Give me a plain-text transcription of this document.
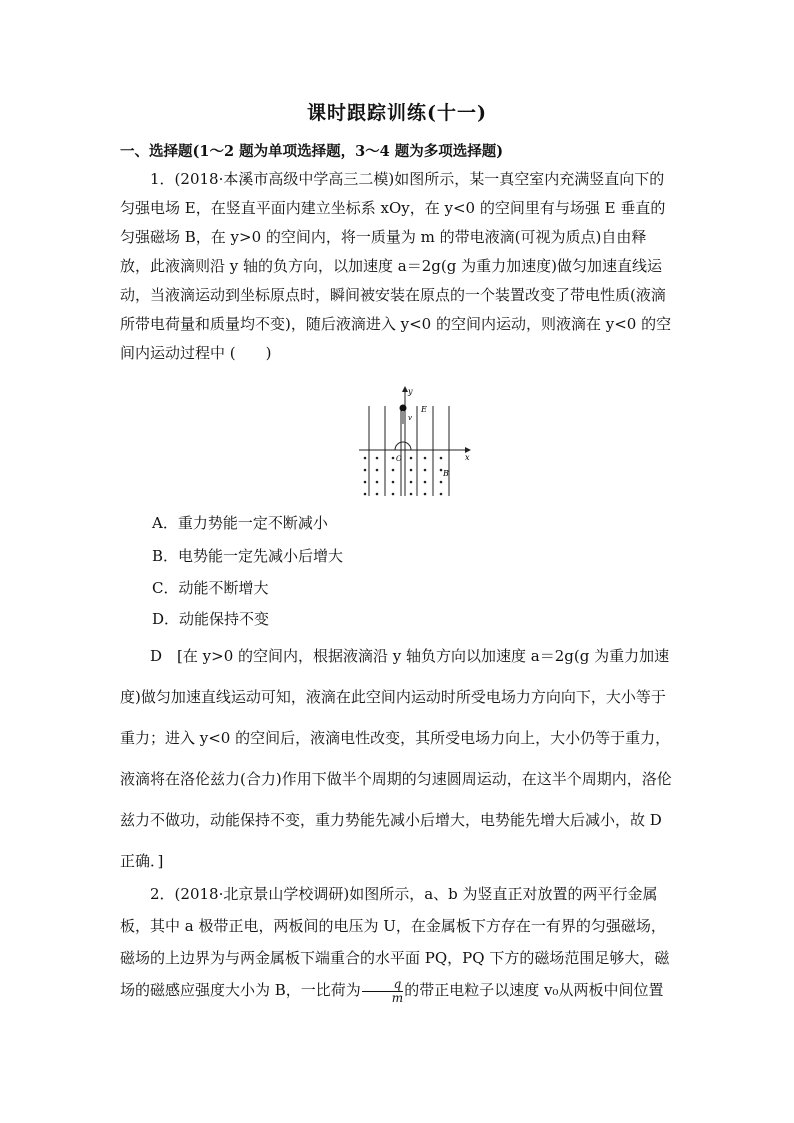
课时跟踪训练(十一)
一、选择题(1～2 题为单项选择题，3～4 题为多项选择题)
1．(2018·本溪市高级中学高三二模)如图所示，某一真空室内充满竖直向下的匀强电场 E，在竖直平面内建立坐标系 xOy，在 y<0 的空间里有与场强 E 垂直的匀强磁场 B，在 y>0 的空间内，将一质量为 m 的带电液滴(可视为质点)自由释放，此液滴则沿 y 轴的负方向，以加速度 a＝2g(g 为重力加速度)做匀加速直线运动，当液滴运动到坐标原点时，瞬间被安装在原点的一个装置改变了带电性质(液滴所带电荷量和质量均不变)，随后液滴进入 y<0 的空间内运动，则液滴在 y<0 的空间内运动过程中 (　　)
y
x
E
v
O
B
A．重力势能一定不断减小
B．电势能一定先减小后增大
C．动能不断增大
D．动能保持不变
D　[在 y>0 的空间内，根据液滴沿 y 轴负方向以加速度 a＝2g(g 为重力加速度)做匀加速直线运动可知，液滴在此空间内运动时所受电场力方向向下，大小等于重力；进入 y<0 的空间后，液滴电性改变，其所受电场力向上，大小仍等于重力，液滴将在洛伦兹力(合力)作用下做半个周期的匀速圆周运动，在这半个周期内，洛伦兹力不做功，动能保持不变，重力势能先减小后增大，电势能先增大后减小，故 D 正确．]
2．(2018·北京景山学校调研)如图所示，a、b 为竖直正对放置的两平行金属板，其中 a 极带正电，两板间的电压为 U，在金属板下方存在一有界的匀强磁场，磁场的上边界为与两金属板下端重合的水平面 PQ，PQ 下方的磁场范围足够大，磁场的磁感应强度大小为 B，一比荷为 $\frac{q}{m}$ 的带正电粒子以速度 v₀从两板中间位置
